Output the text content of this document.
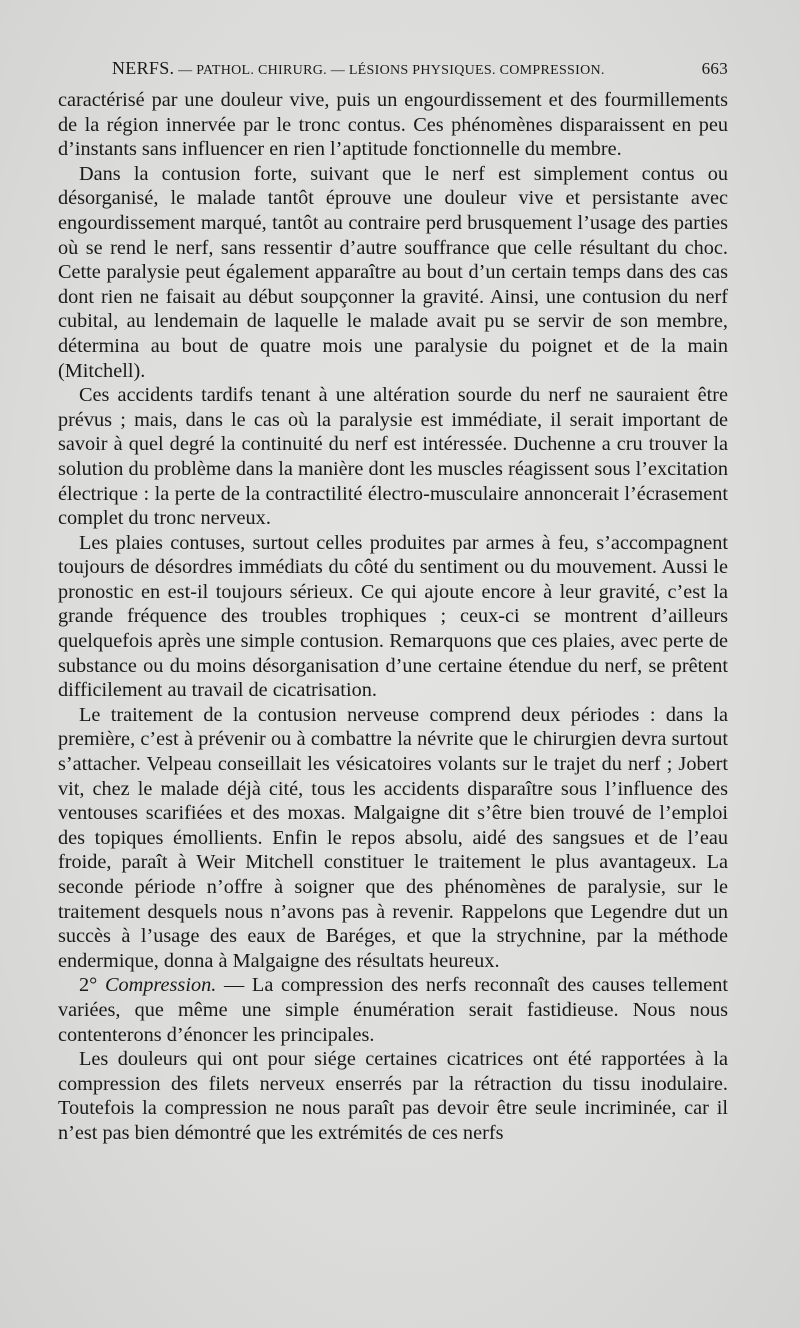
NERFS. — PATHOL. CHIRURG. — LÉSIONS PHYSIQUES. COMPRESSION.	663

caractérisé par une douleur vive, puis un engourdissement et des fourmillements de la région innervée par le tronc contus. Ces phénomènes disparaissent en peu d’instants sans influencer en rien l’aptitude fonctionnelle du membre.

Dans la contusion forte, suivant que le nerf est simplement contus ou désorganisé, le malade tantôt éprouve une douleur vive et persistante avec engourdissement marqué, tantôt au contraire perd brusquement l’usage des parties où se rend le nerf, sans ressentir d’autre souffrance que celle résultant du choc. Cette paralysie peut également apparaître au bout d’un certain temps dans des cas dont rien ne faisait au début soupçonner la gravité. Ainsi, une contusion du nerf cubital, au lendemain de laquelle le malade avait pu se servir de son membre, détermina au bout de quatre mois une paralysie du poignet et de la main (Mitchell).

Ces accidents tardifs tenant à une altération sourde du nerf ne sauraient être prévus ; mais, dans le cas où la paralysie est immédiate, il serait important de savoir à quel degré la continuité du nerf est intéressée. Duchenne a cru trouver la solution du problème dans la manière dont les muscles réagissent sous l’excitation électrique : la perte de la contractilité électro-musculaire annoncerait l’écrasement complet du tronc nerveux.

Les plaies contuses, surtout celles produites par armes à feu, s’accompagnent toujours de désordres immédiats du côté du sentiment ou du mouvement. Aussi le pronostic en est-il toujours sérieux. Ce qui ajoute encore à leur gravité, c’est la grande fréquence des troubles trophiques ; ceux-ci se montrent d’ailleurs quelquefois après une simple contusion. Remarquons que ces plaies, avec perte de substance ou du moins désorganisation d’une certaine étendue du nerf, se prêtent difficilement au travail de cicatrisation.

Le traitement de la contusion nerveuse comprend deux périodes : dans la première, c’est à prévenir ou à combattre la névrite que le chirurgien devra surtout s’attacher. Velpeau conseillait les vésicatoires volants sur le trajet du nerf ; Jobert vit, chez le malade déjà cité, tous les accidents disparaître sous l’influence des ventouses scarifiées et des moxas. Malgaigne dit s’être bien trouvé de l’emploi des topiques émollients. Enfin le repos absolu, aidé des sangsues et de l’eau froide, paraît à Weir Mitchell constituer le traitement le plus avantageux. La seconde période n’offre à soigner que des phénomènes de paralysie, sur le traitement desquels nous n’avons pas à revenir. Rappelons que Legendre dut un succès à l’usage des eaux de Baréges, et que la strychnine, par la méthode endermique, donna à Malgaigne des résultats heureux.

2° Compression. — La compression des nerfs reconnaît des causes tellement variées, que même une simple énumération serait fastidieuse. Nous nous contenterons d’énoncer les principales.

Les douleurs qui ont pour siége certaines cicatrices ont été rapportées à la compression des filets nerveux enserrés par la rétraction du tissu inodulaire. Toutefois la compression ne nous paraît pas devoir être seule incriminée, car il n’est pas bien démontré que les extrémités de ces nerfs
